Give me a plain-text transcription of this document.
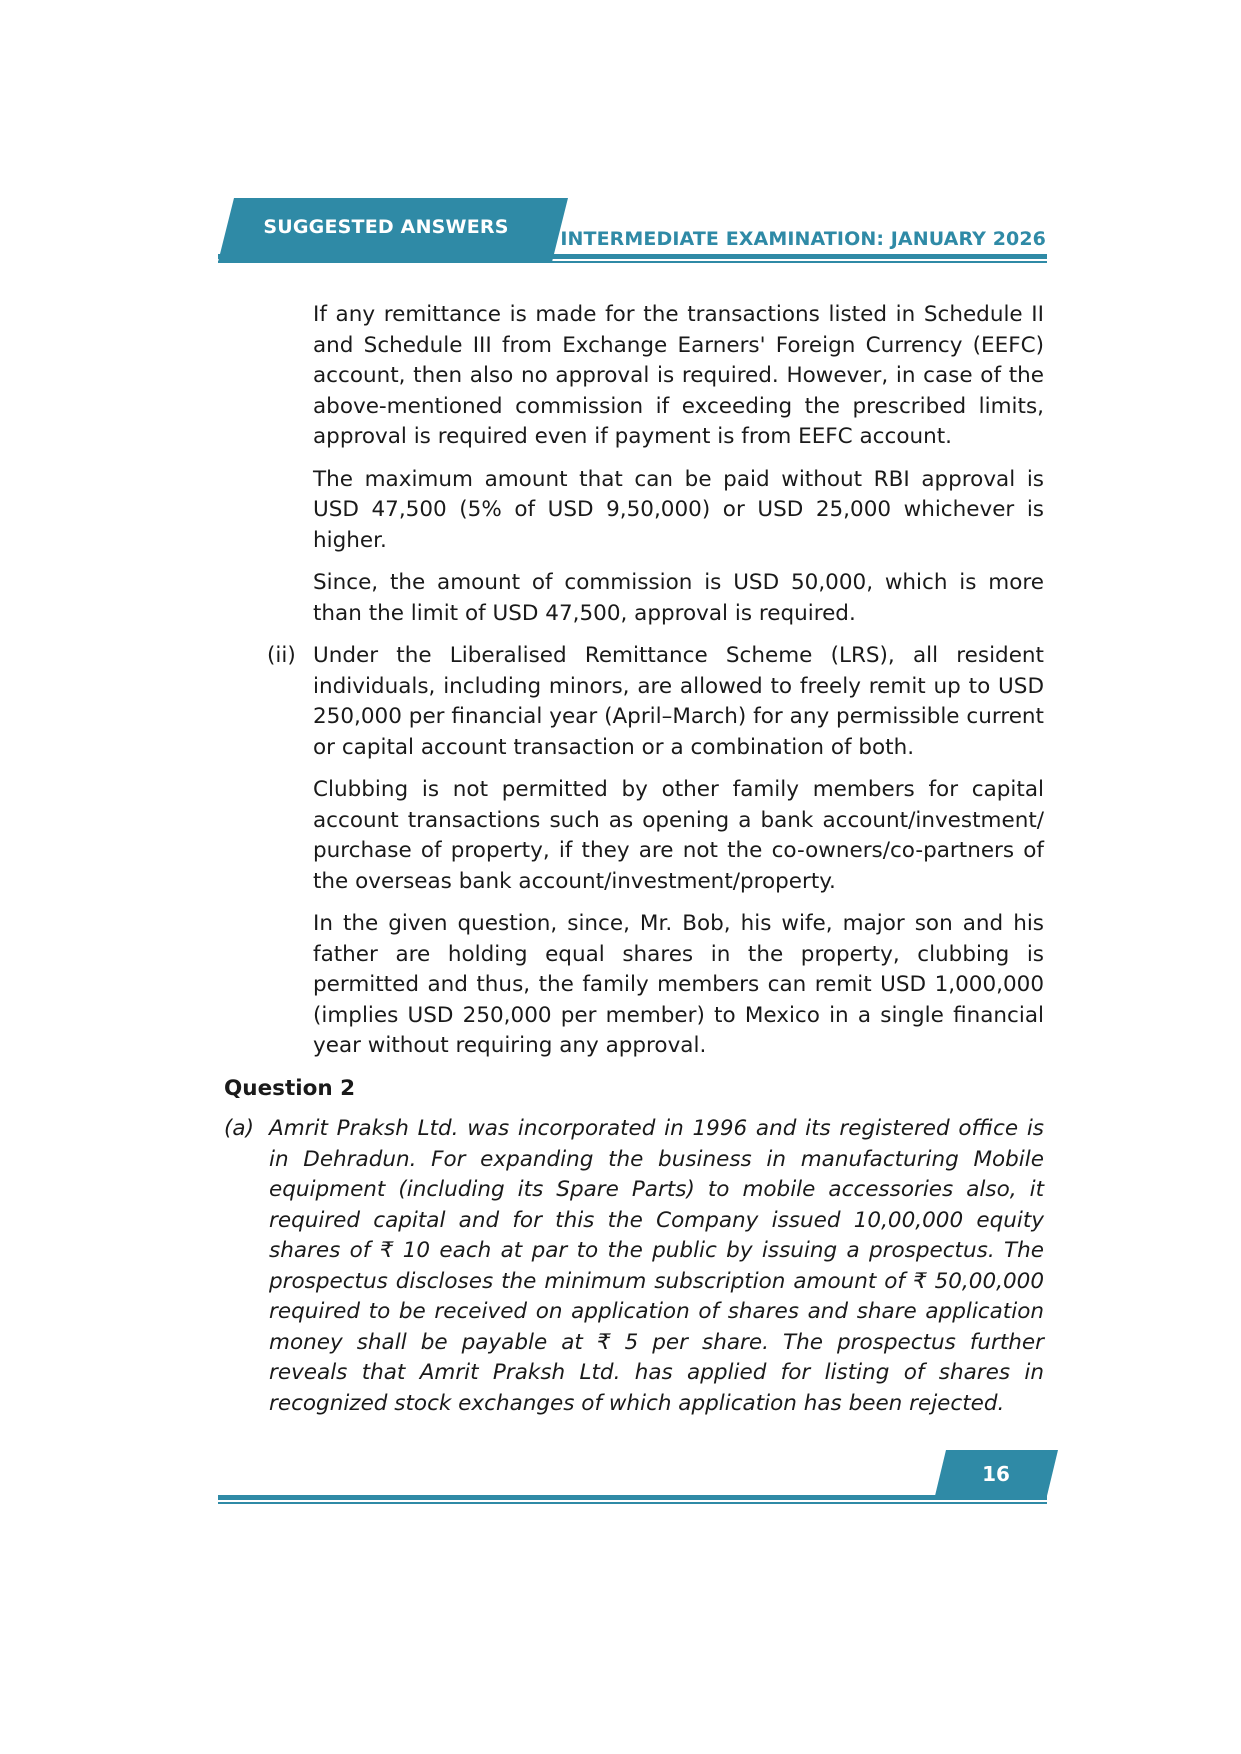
SUGGESTED ANSWERS
INTERMEDIATE EXAMINATION: JANUARY 2026

If any remittance is made for the transactions listed in Schedule II and Schedule III from Exchange Earners' Foreign Currency (EEFC) account, then also no approval is required. However, in case of the above-mentioned commission if exceeding the prescribed limits, approval is required even if payment is from EEFC account.

The maximum amount that can be paid without RBI approval is USD 47,500 (5% of USD 9,50,000) or USD 25,000 whichever is higher.

Since, the amount of commission is USD 50,000, which is more than the limit of USD 47,500, approval is required.

(ii) Under the Liberalised Remittance Scheme (LRS), all resident individuals, including minors, are allowed to freely remit up to USD 250,000 per financial year (April–March) for any permissible current or capital account transaction or a combination of both.

Clubbing is not permitted by other family members for capital account transactions such as opening a bank account/investment/ purchase of property, if they are not the co-owners/co-partners of the overseas bank account/investment/property.

In the given question, since, Mr. Bob, his wife, major son and his father are holding equal shares in the property, clubbing is permitted and thus, the family members can remit USD 1,000,000 (implies USD 250,000 per member) to Mexico in a single financial year without requiring any approval.

Question 2
(a) Amrit Praksh Ltd. was incorporated in 1996 and its registered office is in Dehradun. For expanding the business in manufacturing Mobile equipment (including its Spare Parts) to mobile accessories also, it required capital and for this the Company issued 10,00,000 equity shares of ₹ 10 each at par to the public by issuing a prospectus. The prospectus discloses the minimum subscription amount of ₹ 50,00,000 required to be received on application of shares and share application money shall be payable at ₹ 5 per share. The prospectus further reveals that Amrit Praksh Ltd. has applied for listing of shares in recognized stock exchanges of which application has been rejected.
16
